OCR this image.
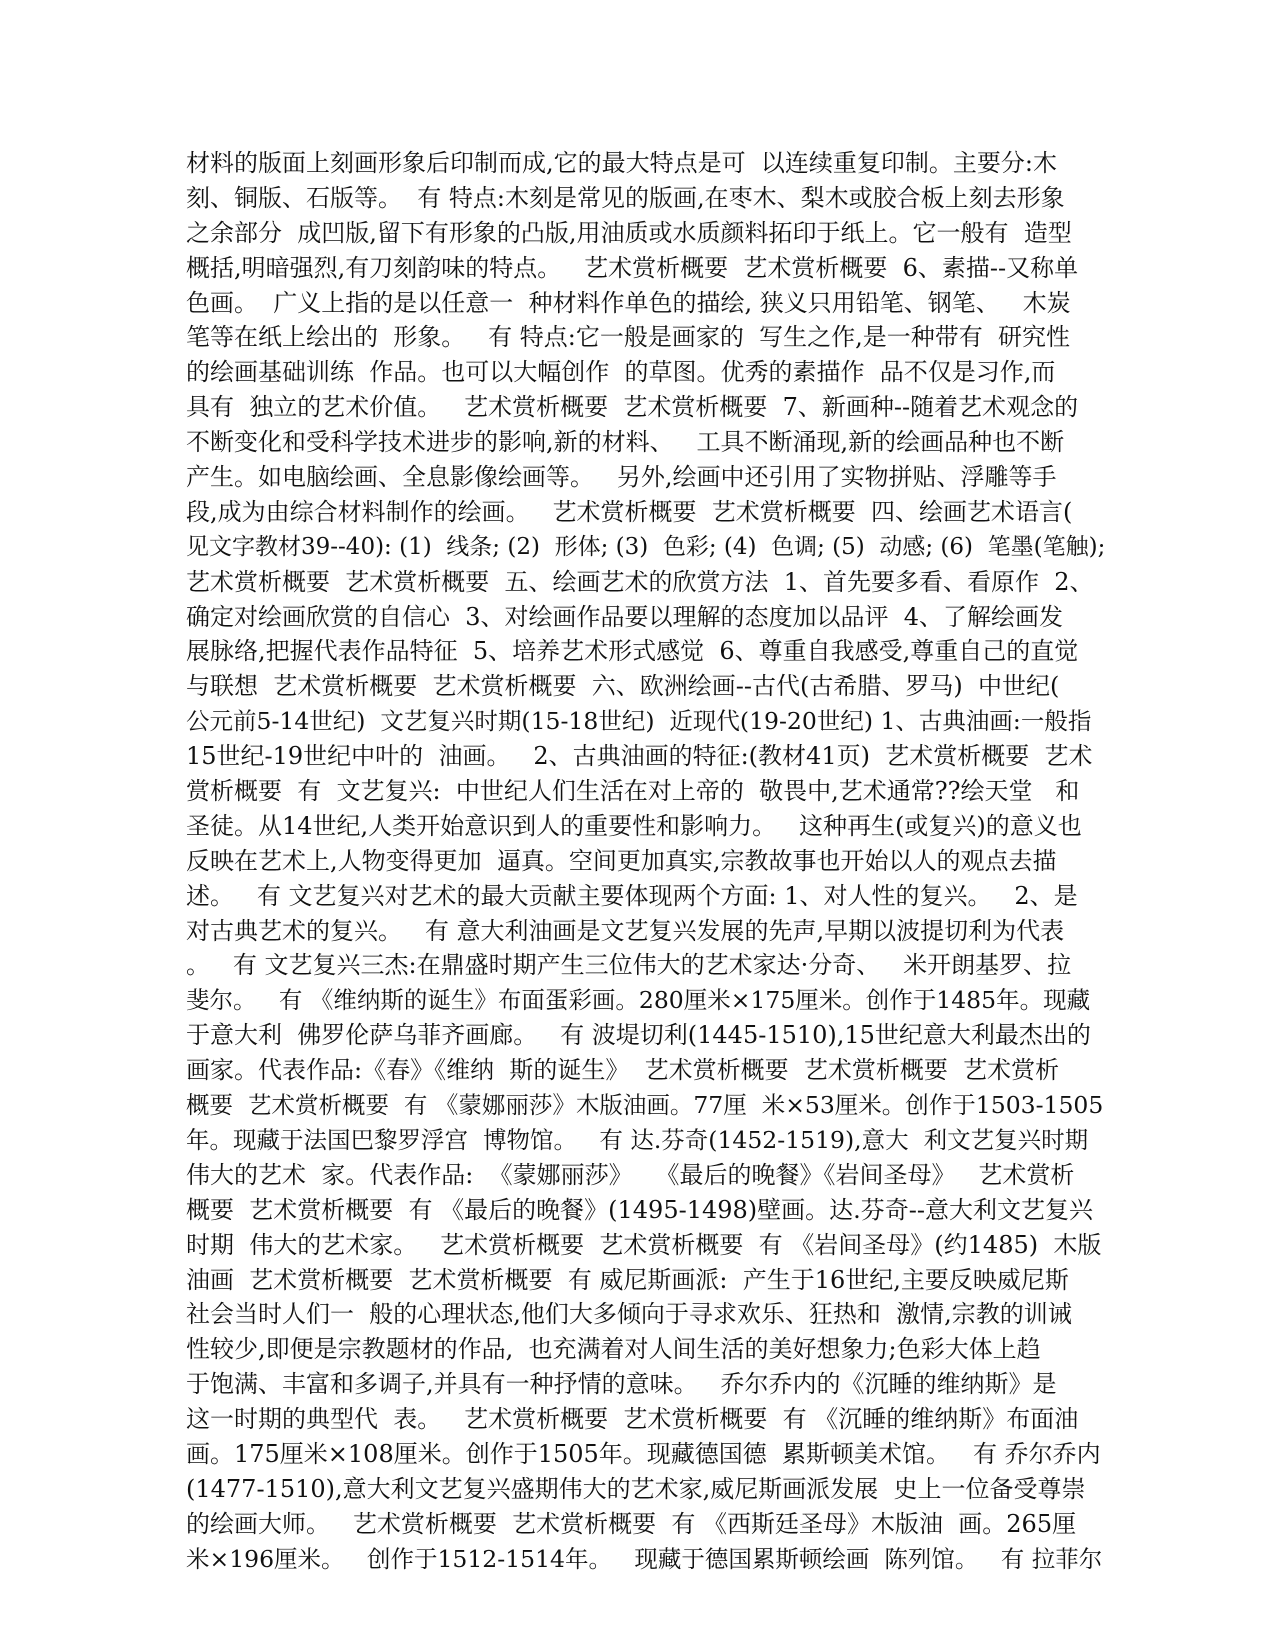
材料的版面上刻画形象后印制而成,它的最大特点是可  以连续重复印制。主要分:木
刻、铜版、石版等。  有 特点:木刻是常见的版画,在枣木、梨木或胶合板上刻去形象
之余部分  成凹版,留下有形象的凸版,用油质或水质颜料拓印于纸上。它一般有  造型
概括,明暗强烈,有刀刻韵味的特点。   艺术赏析概要  艺术赏析概要  6、素描--又称单
色画。  广义上指的是以任意一  种材料作单色的描绘, 狭义只用铅笔、钢笔、   木炭
笔等在纸上绘出的  形象。   有 特点:它一般是画家的  写生之作,是一种带有  研究性
的绘画基础训练  作品。也可以大幅创作  的草图。优秀的素描作  品不仅是习作,而
具有  独立的艺术价值。   艺术赏析概要  艺术赏析概要  7、新画种--随着艺术观念的
不断变化和受科学技术进步的影响,新的材料、   工具不断涌现,新的绘画品种也不断
产生。如电脑绘画、全息影像绘画等。   另外,绘画中还引用了实物拼贴、浮雕等手
段,成为由综合材料制作的绘画。   艺术赏析概要  艺术赏析概要  四、绘画艺术语言(
见文字教材39--40): (1)  线条; (2)  形体; (3)  色彩; (4)  色调; (5)  动感; (6)  笔墨(笔触);
艺术赏析概要  艺术赏析概要  五、绘画艺术的欣赏方法  1、首先要多看、看原作  2、
确定对绘画欣赏的自信心  3、对绘画作品要以理解的态度加以品评  4、了解绘画发
展脉络,把握代表作品特征  5、培养艺术形式感觉  6、尊重自我感受,尊重自己的直觉
与联想  艺术赏析概要  艺术赏析概要  六、欧洲绘画--古代(古希腊、罗马)  中世纪(
公元前5-14世纪)  文艺复兴时期(15-18世纪)  近现代(19-20世纪) 1、古典油画:一般指
15世纪-19世纪中叶的  油画。   2、古典油画的特征:(教材41页)  艺术赏析概要  艺术
赏析概要  有  文艺复兴:  中世纪人们生活在对上帝的  敬畏中,艺术通常??绘天堂   和
圣徒。从14世纪,人类开始意识到人的重要性和影响力。   这种再生(或复兴)的意义也
反映在艺术上,人物变得更加  逼真。空间更加真实,宗教故事也开始以人的观点去描
述。   有 文艺复兴对艺术的最大贡献主要体现两个方面: 1、对人性的复兴。   2、是
对古典艺术的复兴。   有 意大利油画是文艺复兴发展的先声,早期以波提切利为代表
。   有 文艺复兴三杰:在鼎盛时期产生三位伟大的艺术家达·分奇、   米开朗基罗、拉
斐尔。   有 《维纳斯的诞生》布面蛋彩画。280厘米×175厘米。创作于1485年。现藏
于意大利  佛罗伦萨乌菲齐画廊。   有 波堤切利(1445-1510),15世纪意大利最杰出的
画家。代表作品:《春》《维纳  斯的诞生》  艺术赏析概要  艺术赏析概要  艺术赏析
概要  艺术赏析概要  有 《蒙娜丽莎》木版油画。77厘  米×53厘米。创作于1503-1505
年。现藏于法国巴黎罗浮宫  博物馆。   有 达.芬奇(1452-1519),意大  利文艺复兴时期
伟大的艺术  家。代表作品:  《蒙娜丽莎》   《最后的晚餐》《岩间圣母》   艺术赏析
概要  艺术赏析概要  有 《最后的晚餐》(1495-1498)壁画。达.芬奇--意大利文艺复兴
时期  伟大的艺术家。   艺术赏析概要  艺术赏析概要  有 《岩间圣母》(约1485)  木版
油画  艺术赏析概要  艺术赏析概要  有 威尼斯画派:  产生于16世纪,主要反映威尼斯
社会当时人们一  般的心理状态,他们大多倾向于寻求欢乐、狂热和  激情,宗教的训诫
性较少,即便是宗教题材的作品,  也充满着对人间生活的美好想象力;色彩大体上趋
于饱满、丰富和多调子,并具有一种抒情的意味。   乔尔乔内的《沉睡的维纳斯》是
这一时期的典型代  表。   艺术赏析概要  艺术赏析概要  有 《沉睡的维纳斯》布面油
画。175厘米×108厘米。创作于1505年。现藏德国德  累斯顿美术馆。   有 乔尔乔内
(1477-1510),意大利文艺复兴盛期伟大的艺术家,威尼斯画派发展  史上一位备受尊崇
的绘画大师。   艺术赏析概要  艺术赏析概要  有 《西斯廷圣母》木版油  画。265厘
米×196厘米。   创作于1512-1514年。   现藏于德国累斯顿绘画  陈列馆。   有 拉菲尔
